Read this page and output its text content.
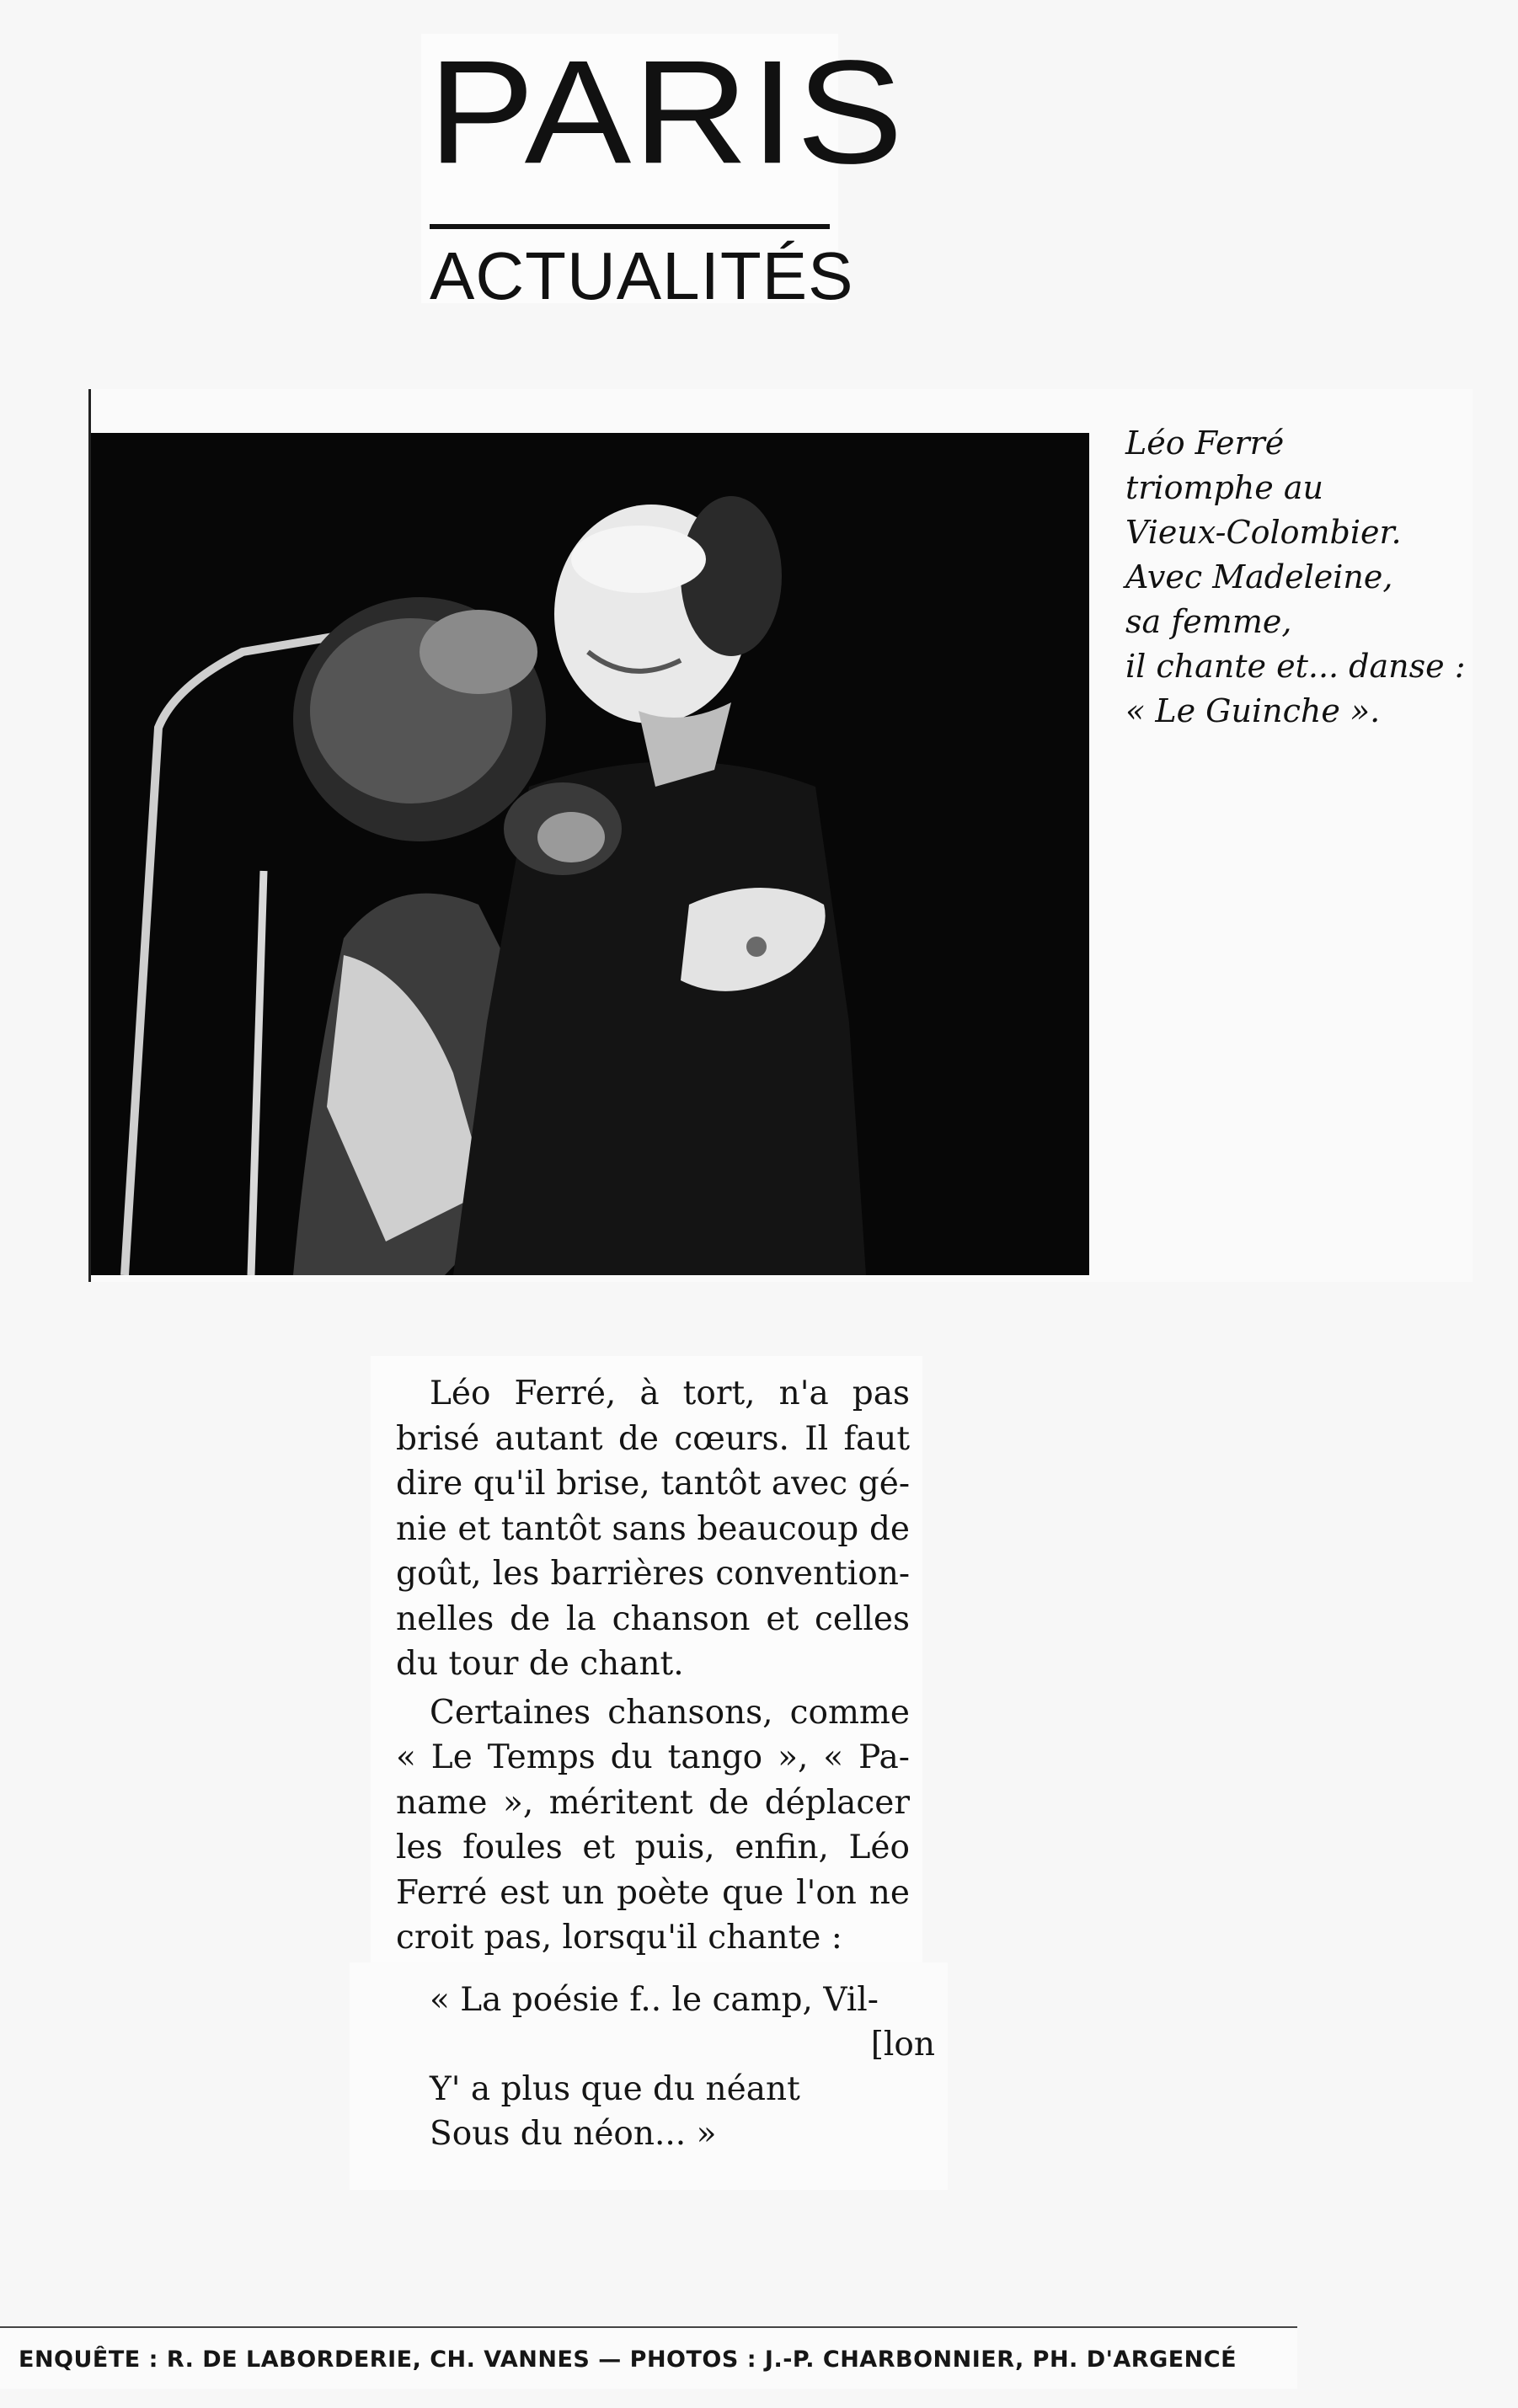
PARIS
ACTUALITÉS
Léo Ferré
triomphe au
Vieux-Colombier.
Avec Madeleine,
sa femme,
il chante et... danse :
« Le Guinche ».
Léo Ferré, à tort, n'a pas
brisé autant de cœurs. Il faut
dire qu'il brise, tantôt avec gé-
nie et tantôt sans beaucoup de
goût, les barrières convention-
nelles de la chanson et celles
du tour de chant.
Certaines chansons, comme
« Le Temps du tango », « Pa-
name », méritent de déplacer
les foules et puis, enfin, Léo
Ferré est un poète que l'on ne
croit pas, lorsqu'il chante :
« La poésie f.. le camp, Vil-
[lon
Y' a plus que du néant
Sous du néon... »
ENQUÊTE : R. DE LABORDERIE, CH. VANNES — PHOTOS : J.-P. CHARBONNIER, PH. D'ARGENCÉ
